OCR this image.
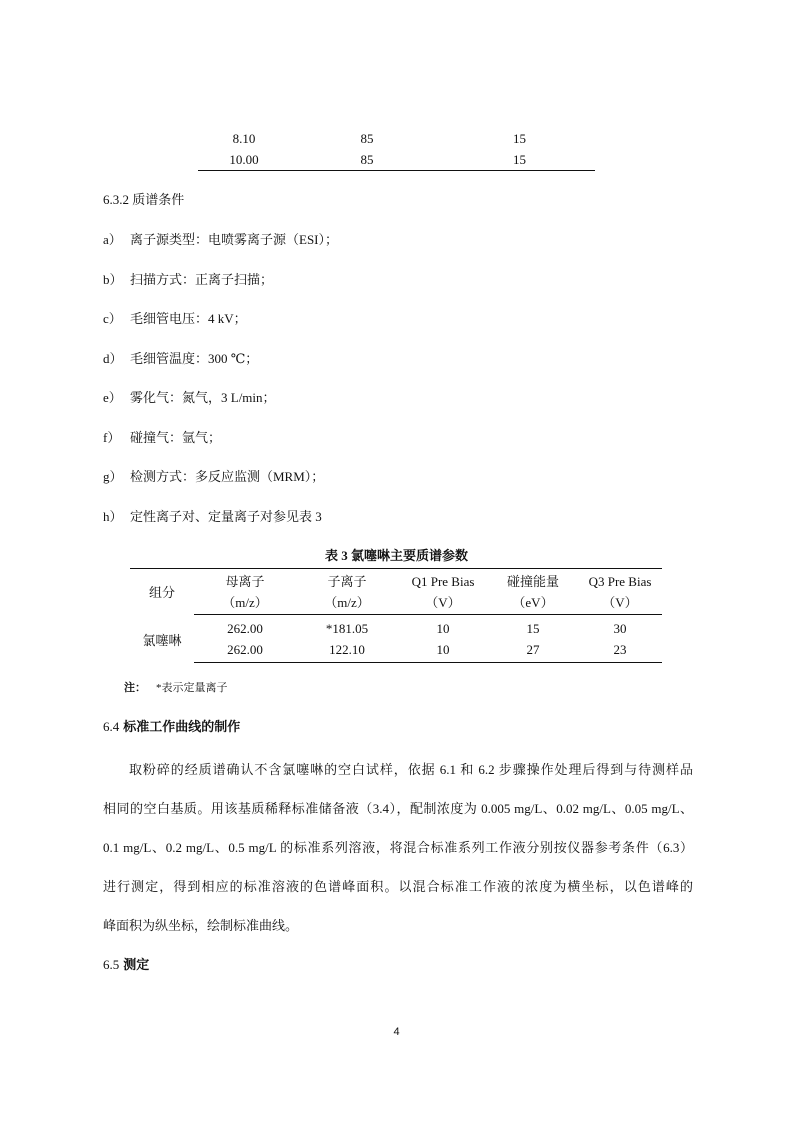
8.10	85	15
10.00	85	15
6.3.2 质谱条件
a） 离子源类型：电喷雾离子源（ESI）；
b） 扫描方式：正离子扫描；
c） 毛细管电压：4 kV；
d） 毛细管温度：300 ℃；
e） 雾化气：氮气，3 L/min；
f） 碰撞气：氩气；
g） 检测方式：多反应监测（MRM）；
h） 定性离子对、定量离子对参见表 3
表 3 氯噻啉主要质谱参数
组分	母离子	子离子	Q1 Pre Bias	碰撞能量	Q3 Pre Bias
	（m/z）	（m/z）	（V）	（eV）	（V）
氯噻啉	262.00	*181.05	10	15	30
	262.00	122.10	10	27	23
注： *表示定量离子
6.4 标准工作曲线的制作

取粉碎的经质谱确认不含氯噻啉的空白试样，依据 6.1 和 6.2 步骤操作处理后得到与待测样品

相同的空白基质。用该基质稀释标准储备液（3.4），配制浓度为 0.005 mg/L、0.02 mg/L、0.05 mg/L、

0.1 mg/L、0.2 mg/L、0.5 mg/L 的标准系列溶液，将混合标准系列工作液分别按仪器参考条件（6.3）

进行测定，得到相应的标准溶液的色谱峰面积。以混合标准工作液的浓度为横坐标，以色谱峰的

峰面积为纵坐标，绘制标准曲线。

6.5 测定
4
